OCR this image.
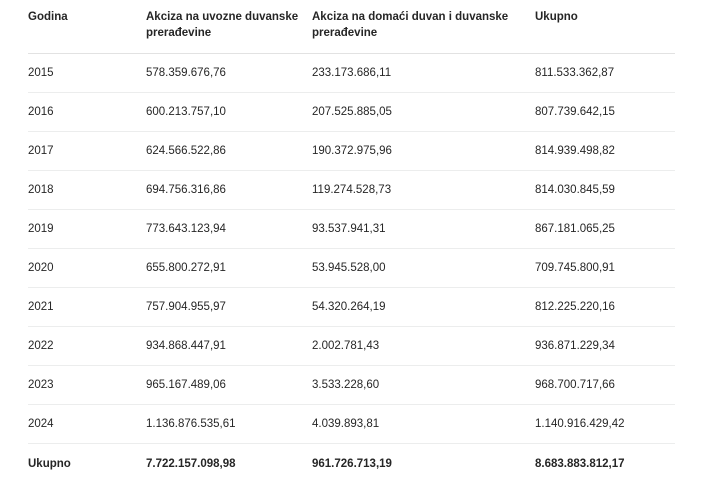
Godina	Akciza na uvozne duvanske prerađevine	Akciza na domaći duvan i duvanske prerađevine	Ukupno
2015	578.359.676,76	233.173.686,11	811.533.362,87
2016	600.213.757,10	207.525.885,05	807.739.642,15
2017	624.566.522,86	190.372.975,96	814.939.498,82
2018	694.756.316,86	119.274.528,73	814.030.845,59
2019	773.643.123,94	93.537.941,31	867.181.065,25
2020	655.800.272,91	53.945.528,00	709.745.800,91
2021	757.904.955,97	54.320.264,19	812.225.220,16
2022	934.868.447,91	2.002.781,43	936.871.229,34
2023	965.167.489,06	3.533.228,60	968.700.717,66
2024	1.136.876.535,61	4.039.893,81	1.140.916.429,42
Ukupno	7.722.157.098,98	961.726.713,19	8.683.883.812,17
